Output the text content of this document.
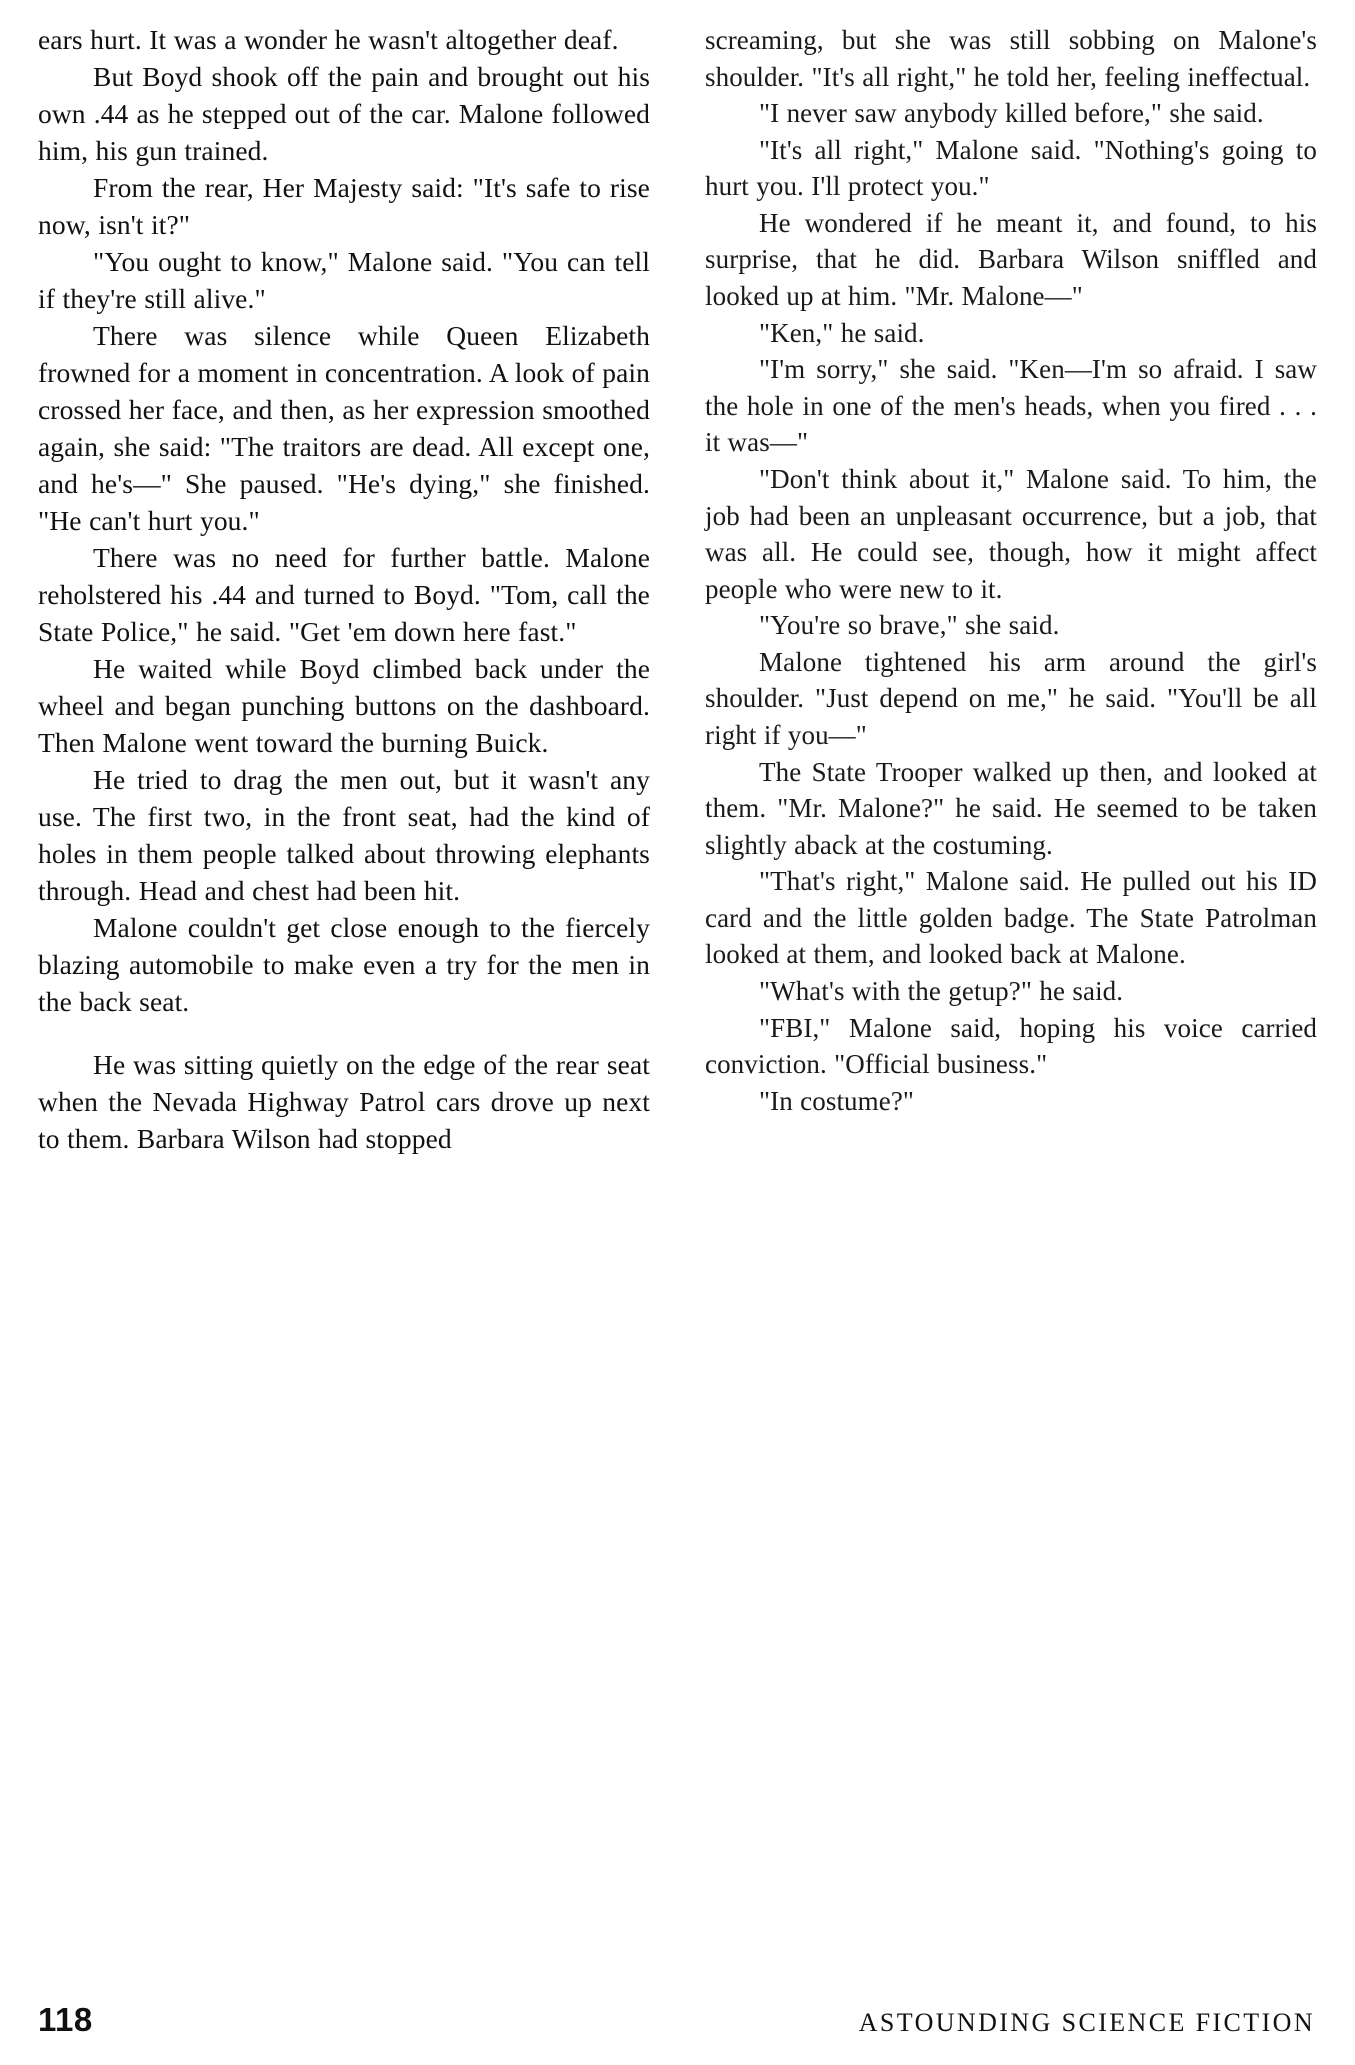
ears hurt. It was a wonder he wasn't altogether deaf.

But Boyd shook off the pain and brought out his own .44 as he stepped out of the car. Malone followed him, his gun trained.

From the rear, Her Majesty said: "It's safe to rise now, isn't it?"

"You ought to know," Malone said. "You can tell if they're still alive."

There was silence while Queen Elizabeth frowned for a moment in concentration. A look of pain crossed her face, and then, as her expression smoothed again, she said: "The traitors are dead. All except one, and he's—" She paused. "He's dying," she finished. "He can't hurt you."

There was no need for further battle. Malone reholstered his .44 and turned to Boyd. "Tom, call the State Police," he said. "Get 'em down here fast."

He waited while Boyd climbed back under the wheel and began punching buttons on the dashboard. Then Malone went toward the burning Buick.

He tried to drag the men out, but it wasn't any use. The first two, in the front seat, had the kind of holes in them people talked about throwing elephants through. Head and chest had been hit.

Malone couldn't get close enough to the fiercely blazing automobile to make even a try for the men in the back seat.

He was sitting quietly on the edge of the rear seat when the Nevada Highway Patrol cars drove up next to them. Barbara Wilson had stopped

screaming, but she was still sobbing on Malone's shoulder. "It's all right," he told her, feeling ineffectual.

"I never saw anybody killed before," she said.

"It's all right," Malone said. "Nothing's going to hurt you. I'll protect you."

He wondered if he meant it, and found, to his surprise, that he did. Barbara Wilson sniffled and looked up at him. "Mr. Malone—"

"Ken," he said.

"I'm sorry," she said. "Ken—I'm so afraid. I saw the hole in one of the men's heads, when you fired . . . it was—"

"Don't think about it," Malone said. To him, the job had been an unpleasant occurrence, but a job, that was all. He could see, though, how it might affect people who were new to it.

"You're so brave," she said.

Malone tightened his arm around the girl's shoulder. "Just depend on me," he said. "You'll be all right if you—"

The State Trooper walked up then, and looked at them. "Mr. Malone?" he said. He seemed to be taken slightly aback at the costuming.

"That's right," Malone said. He pulled out his ID card and the little golden badge. The State Patrolman looked at them, and looked back at Malone.

"What's with the getup?" he said.

"FBI," Malone said, hoping his voice carried conviction. "Official business."

"In costume?"

118	ASTOUNDING SCIENCE FICTION
